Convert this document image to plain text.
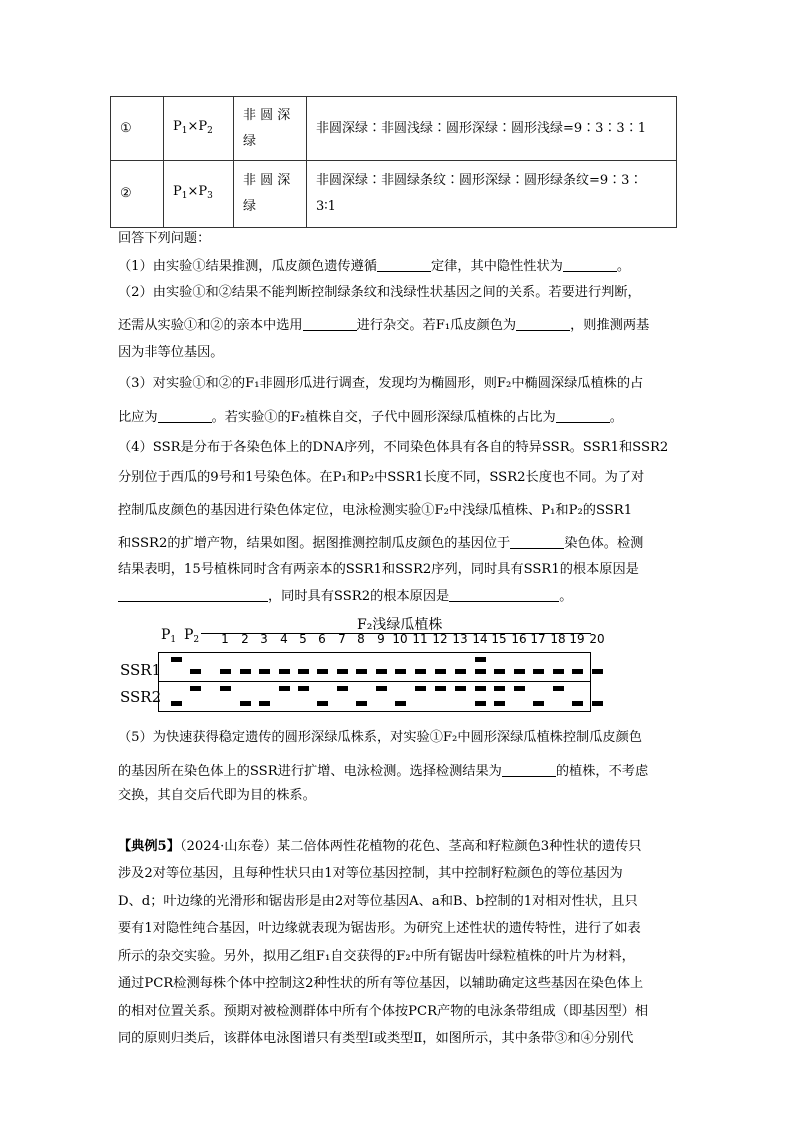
①	$P_1\times P_2$	非 圆 深 绿	非圆深绿∶非圆浅绿∶圆形深绿∶圆形浅绿=9∶3∶3∶1
②	$P_1\times P_3$	非 圆 深 绿	非圆深绿∶非圆绿条纹∶圆形深绿∶圆形绿条纹=9∶3∶
3∶1
回答下列问题：
（1）由实验①结果推测，瓜皮颜色遗传遵循	定律，其中隐性性状为	。
（2）由实验①和②结果不能判断控制绿条纹和浅绿性状基因之间的关系。若要进行判断，
还需从实验①和②的亲本中选用	进行杂交。若F₁瓜皮颜色为	，则推测两基
因为非等位基因。
（3）对实验①和②的F₁非圆形瓜进行调查，发现均为椭圆形，则F₂中椭圆深绿瓜植株的占
比应为	。若实验①的F₂植株自交，子代中圆形深绿瓜植株的占比为	。
（4）SSR是分布于各染色体上的DNA序列，不同染色体具有各自的特异SSR。SSR1和SSR2
分别位于西瓜的9号和1号染色体。在P₁和P₂中SSR1长度不同，SSR2长度也不同。为了对
控制瓜皮颜色的基因进行染色体定位，电泳检测实验①F₂中浅绿瓜植株、P₁和P₂的SSR1
和SSR2的扩增产物，结果如图。据图推测控制瓜皮颜色的基因位于	染色体。检测
结果表明，15号植株同时含有两亲本的SSR1和SSR2序列，同时具有SSR1的根本原因是
，同时具有SSR2的根本原因是	。
$P_1$ $P_2$
F₂浅绿瓜植株
SSR1
SSR2
1	2 3	4 5 6	7 8	9 10 11 12 13 14 15 16 17 18 19 20
（5）为快速获得稳定遗传的圆形深绿瓜株系，对实验①F₂中圆形深绿瓜植株控制瓜皮颜色
的基因所在染色体上的SSR进行扩增、电泳检测。选择检测结果为	的植株，不考虑
交换，其自交后代即为目的株系。
【典例5】（2024·山东卷）某二倍体两性花植物的花色、茎高和籽粒颜色3种性状的遗传只
涉及2对等位基因，且每种性状只由1对等位基因控制，其中控制籽粒颜色的等位基因为
D、d；叶边缘的光滑形和锯齿形是由2对等位基因A、a和B、b控制的1对相对性状，且只
要有1对隐性纯合基因，叶边缘就表现为锯齿形。为研究上述性状的遗传特性，进行了如表
所示的杂交实验。另外，拟用乙组F₁自交获得的F₂中所有锯齿叶绿粒植株的叶片为材料，
通过PCR检测每株个体中控制这2种性状的所有等位基因，以辅助确定这些基因在染色体上
的相对位置关系。预期对被检测群体中所有个体按PCR产物的电泳条带组成（即基因型）相
同的原则归类后，该群体电泳图谱只有类型Ⅰ或类型Ⅱ，如图所示，其中条带③和④分别代
